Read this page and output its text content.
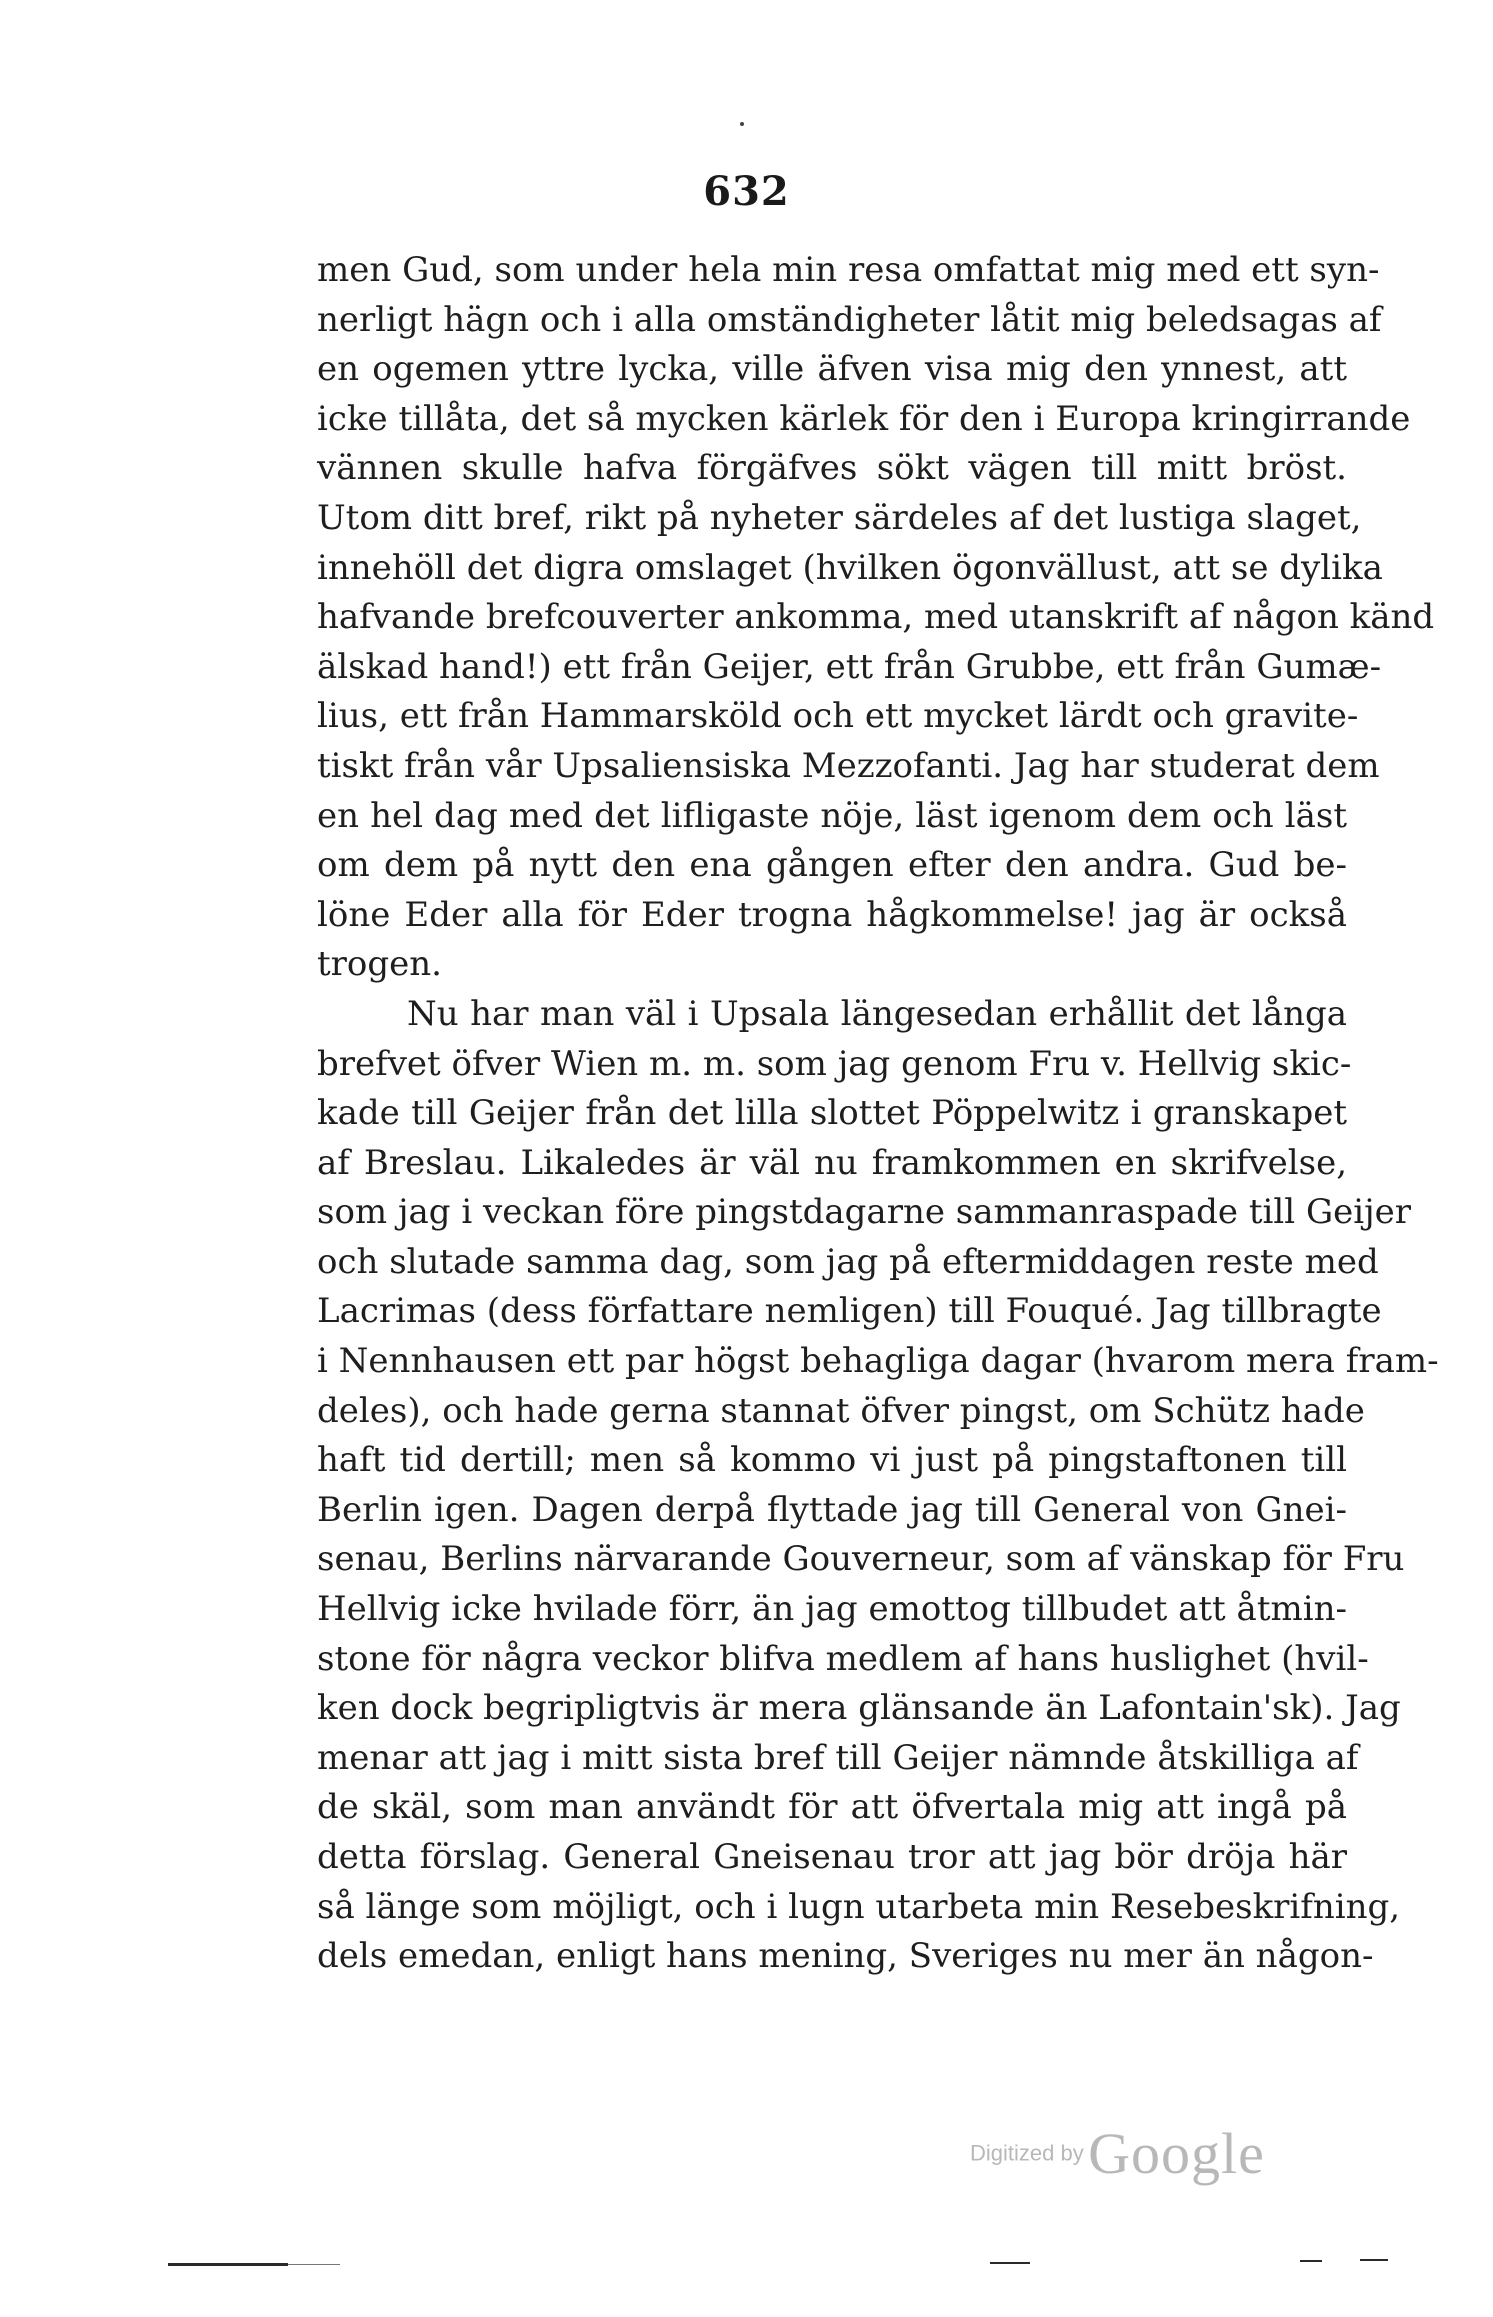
632
men Gud, som under hela min resa omfattat mig med ett syn-
nerligt hägn och i alla omständigheter låtit mig beledsagas af
en ogemen yttre lycka, ville äfven visa mig den ynnest, att
icke tillåta, det så mycken kärlek för den i Europa kringirrande
vännen skulle hafva förgäfves sökt vägen till mitt bröst.
Utom ditt bref, rikt på nyheter särdeles af det lustiga slaget,
innehöll det digra omslaget (hvilken ögonvällust, att se dylika
hafvande brefcouverter ankomma, med utanskrift af någon känd
älskad hand!) ett från Geijer, ett från Grubbe, ett från Gumæ-
lius, ett från Hammarsköld och ett mycket lärdt och gravite-
tiskt från vår Upsaliensiska Mezzofanti. Jag har studerat dem
en hel dag med det lifligaste nöje, läst igenom dem och läst
om dem på nytt den ena gången efter den andra. Gud be-
löne Eder alla för Eder trogna hågkommelse! jag är också
trogen.
Nu har man väl i Upsala längesedan erhållit det långa
brefvet öfver Wien m. m. som jag genom Fru v. Hellvig skic-
kade till Geijer från det lilla slottet Pöppelwitz i granskapet
af Breslau. Likaledes är väl nu framkommen en skrifvelse,
som jag i veckan före pingstdagarne sammanraspade till Geijer
och slutade samma dag, som jag på eftermiddagen reste med
Lacrimas (dess författare nemligen) till Fouqué. Jag tillbragte
i Nennhausen ett par högst behagliga dagar (hvarom mera fram-
deles), och hade gerna stannat öfver pingst, om Schütz hade
haft tid dertill; men så kommo vi just på pingstaftonen till
Berlin igen. Dagen derpå flyttade jag till General von Gnei-
senau, Berlins närvarande Gouverneur, som af vänskap för Fru
Hellvig icke hvilade förr, än jag emottog tillbudet att åtmin-
stone för några veckor blifva medlem af hans huslighet (hvil-
ken dock begripligtvis är mera glänsande än Lafontain'sk). Jag
menar att jag i mitt sista bref till Geijer nämnde åtskilliga af
de skäl, som man användt för att öfvertala mig att ingå på
detta förslag. General Gneisenau tror att jag bör dröja här
så länge som möjligt, och i lugn utarbeta min Resebeskrifning,
dels emedan, enligt hans mening, Sveriges nu mer än någon-
Digitized by Google
